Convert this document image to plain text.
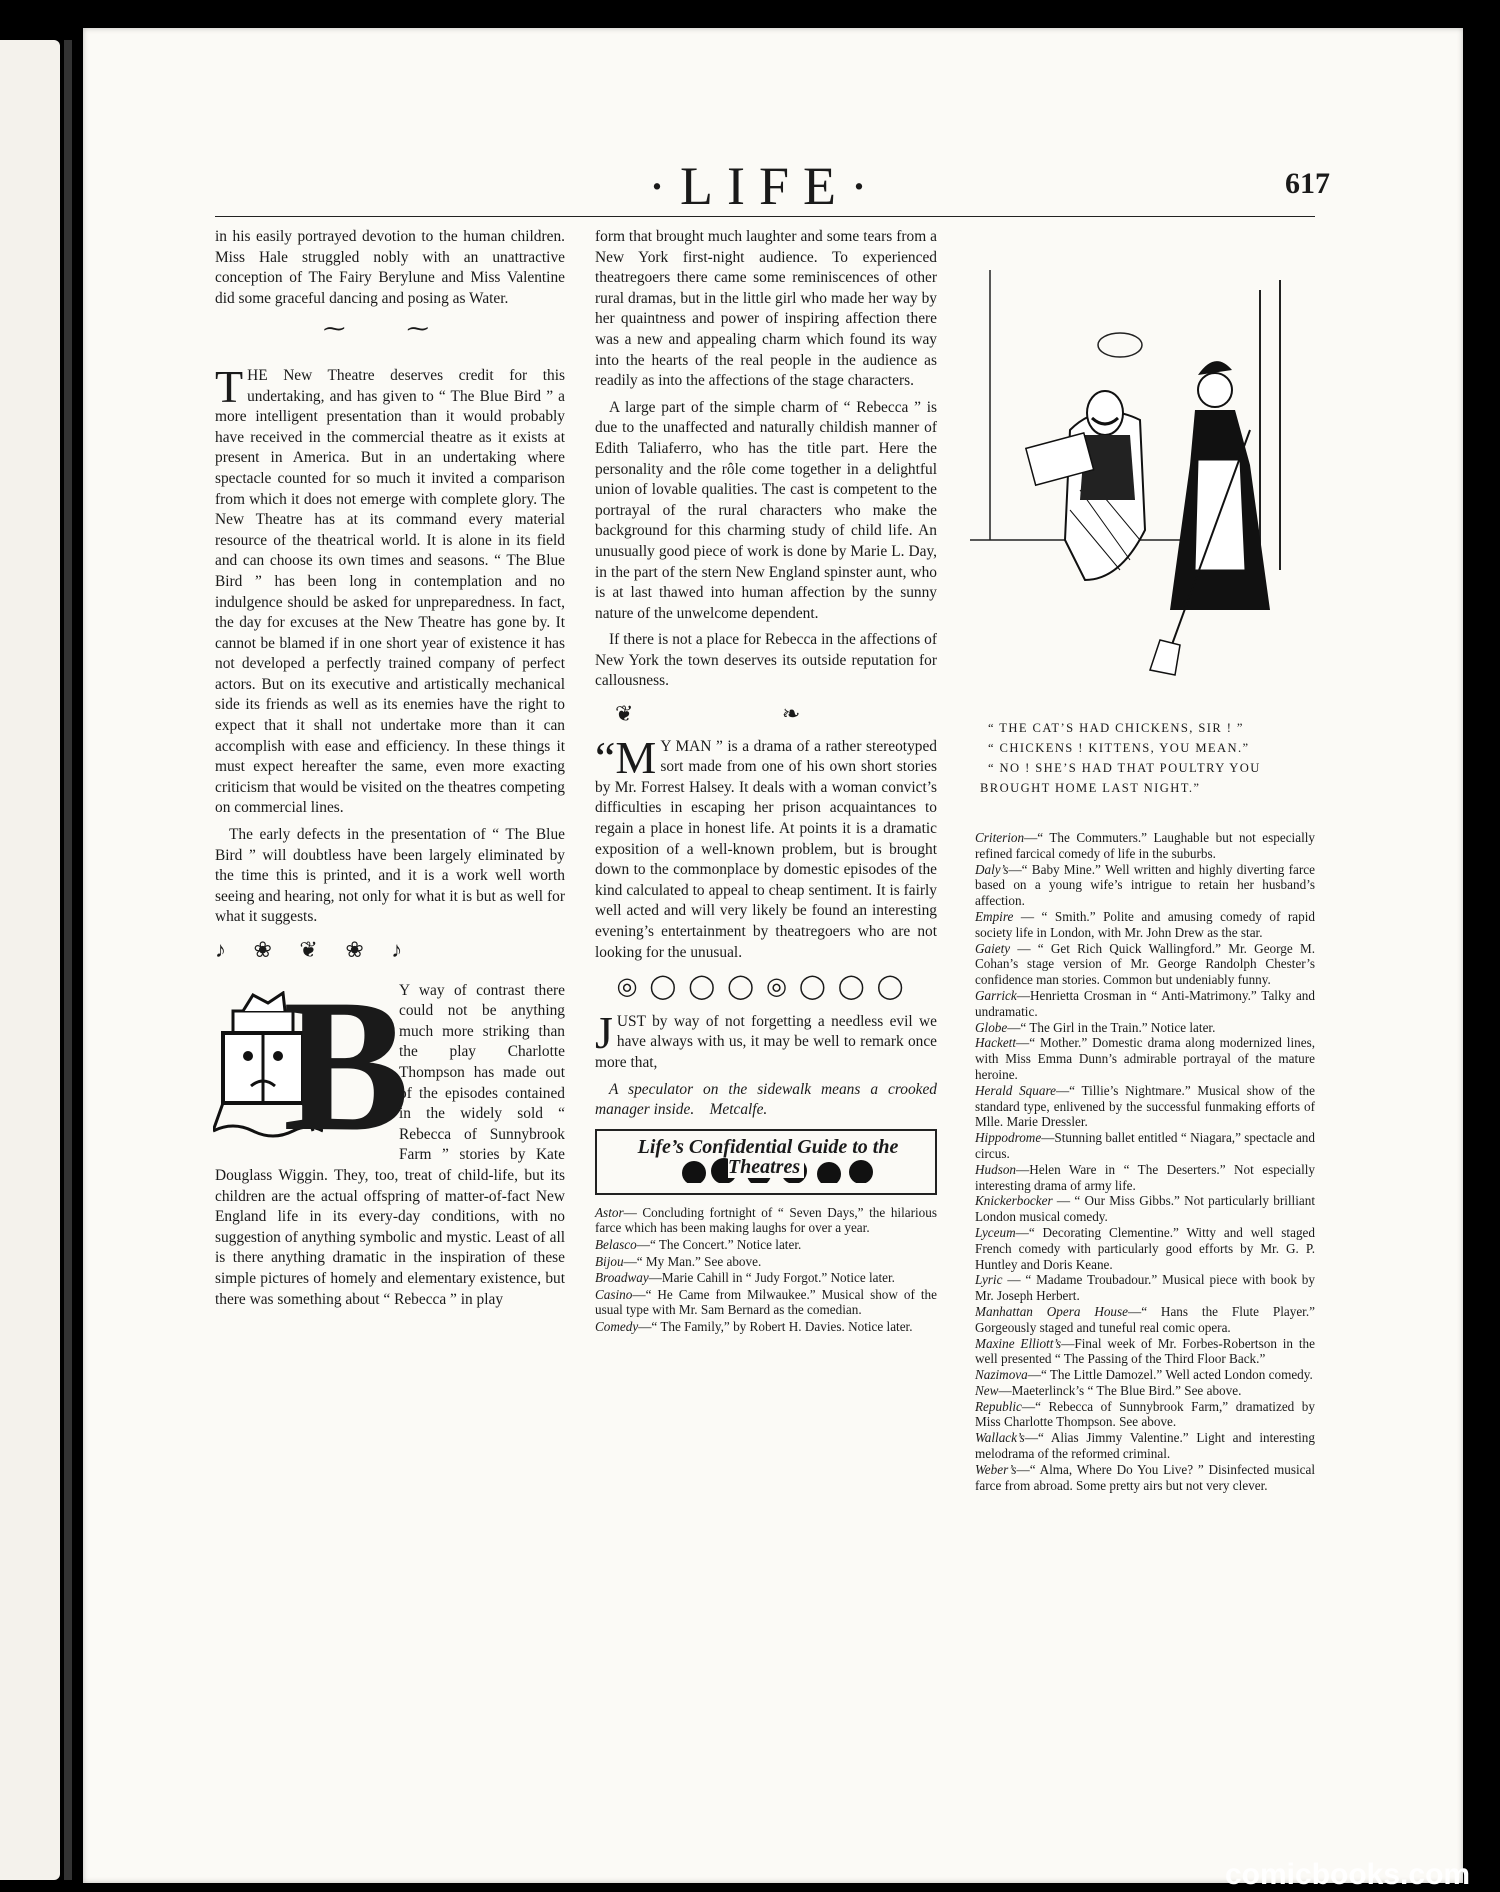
·LIFE·	617

in his easily portrayed devotion to the human children. Miss Hale struggled nobly with an unattractive conception of The Fairy Berylune and Miss Valentine did some graceful dancing and posing as Water.

⁓ ⁓

THE New Theatre deserves credit for this undertaking, and has given to “ The Blue Bird ” a more intelligent presentation than it would probably have received in the commercial theatre as it exists at present in America. But in an undertaking where spectacle counted for so much it invited a comparison from which it does not emerge with complete glory. The New Theatre has at its command every material resource of the theatrical world. It is alone in its field and can choose its own times and seasons. “ The Blue Bird ” has been long in contemplation and no indulgence should be asked for unpreparedness. In fact, the day for excuses at the New Theatre has gone by. It cannot be blamed if in one short year of existence it has not developed a perfectly trained company of perfect actors. But on its executive and artistically mechanical side its friends as well as its enemies have the right to expect that it shall not undertake more than it can accomplish with ease and efficiency. In these things it must expect hereafter the same, even more exacting criticism that would be visited on the theatres competing on commercial lines.

The early defects in the presentation of “ The Blue Bird ” will doubtless have been largely eliminated by the time this is printed, and it is a work well worth seeing and hearing, not only for what it is but as well for what it suggests.

♪     ❀     ❦     ❀     ♪

B
Y way of contrast there could not be anything much more striking than the play Charlotte Thompson has made out of the episodes contained in the widely sold “ Rebecca of Sunnybrook Farm ” stories by Kate Douglass Wiggin. They, too, treat of child-life, but its children are the actual offspring of matter-of-fact New England life in its every-day conditions, with no suggestion of anything symbolic and mystic. Least of all is there anything dramatic in the inspiration of these simple pictures of homely and elementary existence, but there was something about “ Rebecca ” in play

form that brought much laughter and some tears from a New York first-night audience. To experienced theatregoers there came some reminiscences of other rural dramas, but in the little girl who made her way by her quaintness and power of inspiring affection there was a new and appealing charm which found its way into the hearts of the real people in the audience as readily as into the affections of the stage characters.

A large part of the simple charm of “ Rebecca ” is due to the unaffected and naturally childish manner of Edith Taliaferro, who has the title part. Here the personality and the rôle come together in a delightful union of lovable qualities. The cast is competent to the portrayal of the rural characters who make the background for this charming study of child life. An unusually good piece of work is done by Marie L. Day, in the part of the stern New England spinster aunt, who is at last thawed into human affection by the sunny nature of the unwelcome dependent.

If there is not a place for Rebecca in the affections of New York the town deserves its outside reputation for callousness.

❦                           ❧

“M Y MAN ” is a drama of a rather stereotyped sort made from one of his own short stories by Mr. Forrest Halsey. It deals with a woman convict’s difficulties in escaping her prison acquaintances to regain a place in honest life. At points it is a dramatic exposition of a well-known problem, but is brought down to the commonplace by domestic episodes of the kind calculated to appeal to cheap sentiment. It is fairly well acted and will very likely be found an interesting evening’s entertainment by theatregoers who are not looking for the unusual.

◎◯◯◯◎◯◯◯

JUST by way of not forgetting a needless evil we have always with us, it may be well to remark once more that,

A speculator on the sidewalk means a crooked manager inside. Metcalfe.

Life’s Confidential Guide to the Theatres
Astor— Concluding fortnight of “ Seven Days,” the hilarious farce which has been making laughs for over a year.
Belasco—“ The Concert.” Notice later.
Bijou—“ My Man.” See above.
Broadway—Marie Cahill in “ Judy Forgot.” Notice later.
Casino—“ He Came from Milwaukee.” Musical show of the usual type with Mr. Sam Bernard as the comedian.
Comedy—“ The Family,” by Robert H. Davies. Notice later.
“ THE CAT’S HAD CHICKENS, SIR ! ”
“ CHICKENS ! KITTENS, YOU MEAN.”
“ NO ! SHE’S HAD THAT POULTRY YOU BROUGHT HOME LAST NIGHT.”
Criterion—“ The Commuters.” Laughable but not especially refined farcical comedy of life in the suburbs.
Daly’s—“ Baby Mine.” Well written and highly diverting farce based on a young wife’s intrigue to retain her husband’s affection.
Empire — “ Smith.” Polite and amusing comedy of rapid society life in London, with Mr. John Drew as the star.
Gaiety — “ Get Rich Quick Wallingford.” Mr. George M. Cohan’s stage version of Mr. George Randolph Chester’s confidence man stories. Common but undeniably funny.
Garrick—Henrietta Crosman in “ Anti-Matrimony.” Talky and undramatic.
Globe—“ The Girl in the Train.” Notice later.
Hackett—“ Mother.” Domestic drama along modernized lines, with Miss Emma Dunn’s admirable portrayal of the mature heroine.
Herald Square—“ Tillie’s Nightmare.” Musical show of the standard type, enlivened by the successful funmaking efforts of Mlle. Marie Dressler.
Hippodrome—Stunning ballet entitled “ Niagara,” spectacle and circus.
Hudson—Helen Ware in “ The Deserters.” Not especially interesting drama of army life.
Knickerbocker — “ Our Miss Gibbs.” Not particularly brilliant London musical comedy.
Lyceum—“ Decorating Clementine.” Witty and well staged French comedy with particularly good efforts by Mr. G. P. Huntley and Doris Keane.
Lyric — “ Madame Troubadour.” Musical piece with book by Mr. Joseph Herbert.
Manhattan Opera House—“ Hans the Flute Player.” Gorgeously staged and tuneful real comic opera.
Maxine Elliott’s—Final week of Mr. Forbes-Robertson in the well presented “ The Passing of the Third Floor Back.”
Nazimova—“ The Little Damozel.” Well acted London comedy.
New—Maeterlinck’s “ The Blue Bird.” See above.
Republic—“ Rebecca of Sunnybrook Farm,” dramatized by Miss Charlotte Thompson. See above.
Wallack’s—“ Alias Jimmy Valentine.” Light and interesting melodrama of the reformed criminal.
Weber’s—“ Alma, Where Do You Live? ” Disinfected musical farce from abroad. Some pretty airs but not very clever.
comicbooks.com
